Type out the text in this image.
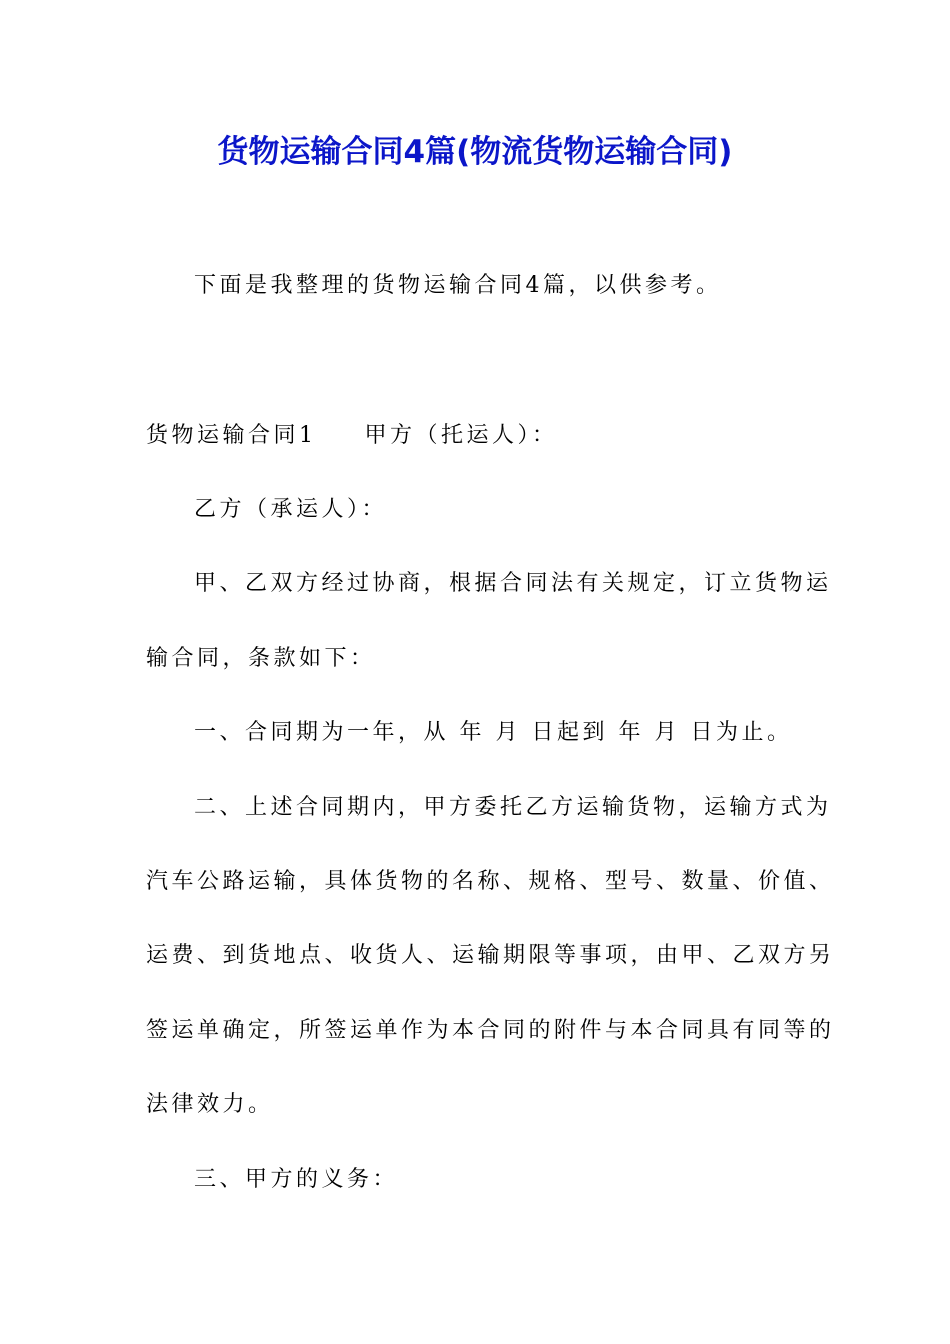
货物运输合同4篇(物流货物运输合同)
下面是我整理的货物运输合同4篇，以供参考。
货物运输合同1 甲方（托运人）：
乙方（承运人）：
甲、乙双方经过协商，根据合同法有关规定，订立货物运
输合同，条款如下：
一、合同期为一年，从 年 月 日起到 年 月 日为止。
二、上述合同期内，甲方委托乙方运输货物，运输方式为
汽车公路运输，具体货物的名称、规格、型号、数量、价值、
运费、到货地点、收货人、运输期限等事项，由甲、乙双方另
签运单确定，所签运单作为本合同的附件与本合同具有同等的
法律效力。
三、甲方的义务：
